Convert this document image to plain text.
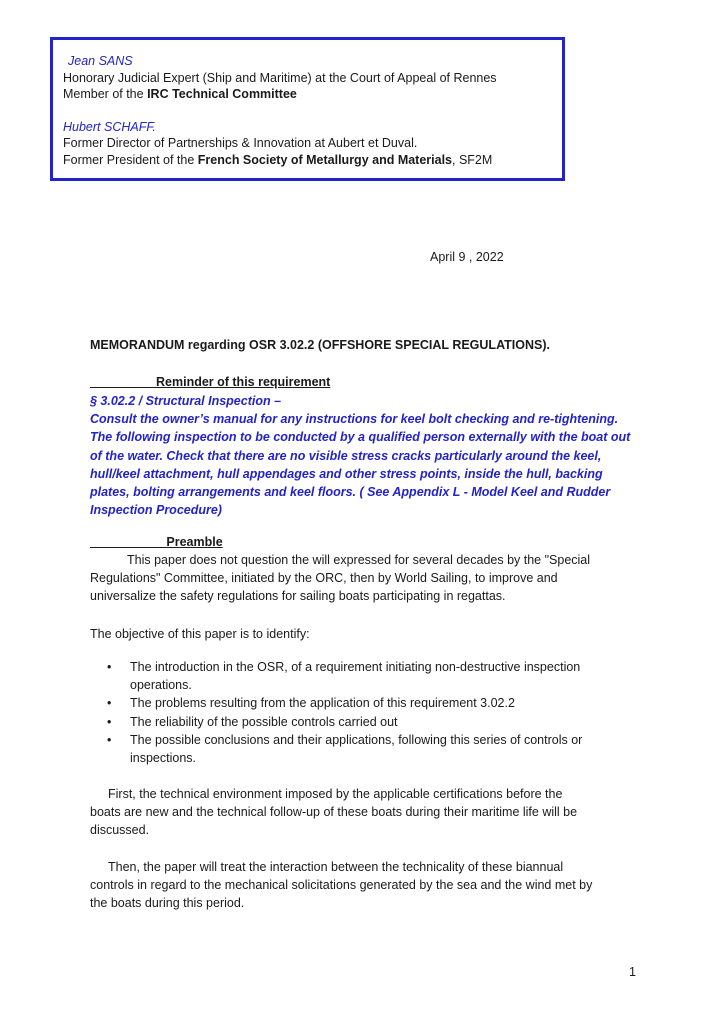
Jean SANS
Honorary Judicial Expert (Ship and Maritime) at the Court of Appeal of Rennes
Member of the IRC Technical Committee
Hubert SCHAFF.
Former Director of Partnerships & Innovation at Aubert et Duval.
Former President of the French Society of Metallurgy and Materials, SF2M
April 9 , 2022
MEMORANDUM regarding OSR 3.02.2 (OFFSHORE SPECIAL REGULATIONS).
Reminder of this requirement
§ 3.02.2 / Structural Inspection –
Consult the owner’s manual for any instructions for keel bolt checking and re-tightening.
The following inspection to be conducted by a qualified person externally with the boat out
of the water. Check that there are no visible stress cracks particularly around the keel,
hull/keel attachment, hull appendages and other stress points, inside the hull, backing
plates, bolting arrangements and keel floors. ( See Appendix L - Model Keel and Rudder
Inspection Procedure)
Preamble
This paper does not question the will expressed for several decades by the "Special
Regulations" Committee, initiated by the ORC, then by World Sailing, to improve and
universalize the safety regulations for sailing boats participating in regattas.
The objective of this paper is to identify:
• The introduction in the OSR, of a requirement initiating non-destructive inspection
operations.
• The problems resulting from the application of this requirement 3.02.2
• The reliability of the possible controls carried out
• The possible conclusions and their applications, following this series of controls or
inspections.
First, the technical environment imposed by the applicable certifications before the
boats are new and the technical follow-up of these boats during their maritime life will be
discussed.
Then, the paper will treat the interaction between the technicality of these biannual
controls in regard to the mechanical solicitations generated by the sea and the wind met by
the boats during this period.
1
